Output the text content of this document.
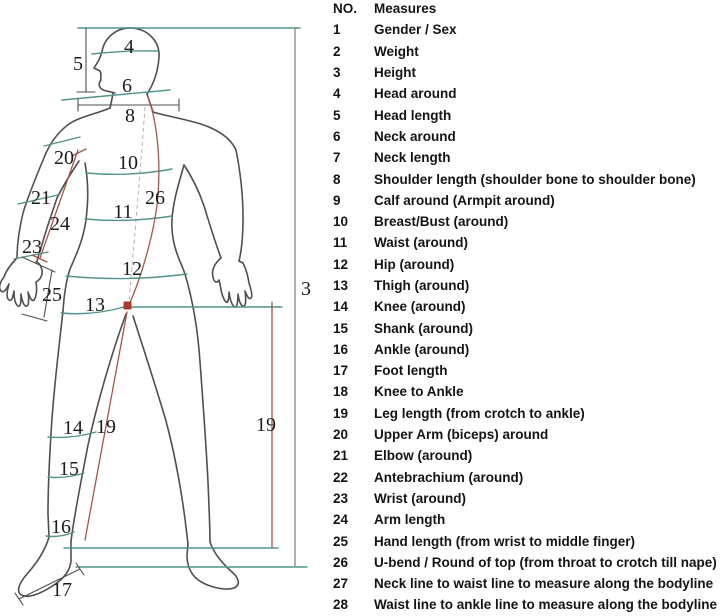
4
5
6
8
20 10
26
11
21
24
23
12
25	3
13
14 19	19
15
16
17
NO.	Measures
1	Gender / Sex
2	Weight
3	Height
4	Head around
5	Head length
6	Neck around
7	Neck length
8	Shoulder length (shoulder bone to shoulder bone)
9	Calf around (Armpit around)
10	Breast/Bust (around)
11	Waist (around)
12	Hip (around)
13	Thigh (around)
14	Knee (around)
15	Shank (around)
16	Ankle (around)
17	Foot length
18	Knee to Ankle
19	Leg length (from crotch to ankle)
20	Upper Arm (biceps) around
21	Elbow (around)
22	Antebrachium (around)
23	Wrist (around)
24	Arm length
25	Hand length (from wrist to middle finger)
26	U-bend / Round of top (from throat to crotch till nape)
27	Neck line to waist line to measure along the bodyline
28	Waist line to ankle line to measure along the bodyline
